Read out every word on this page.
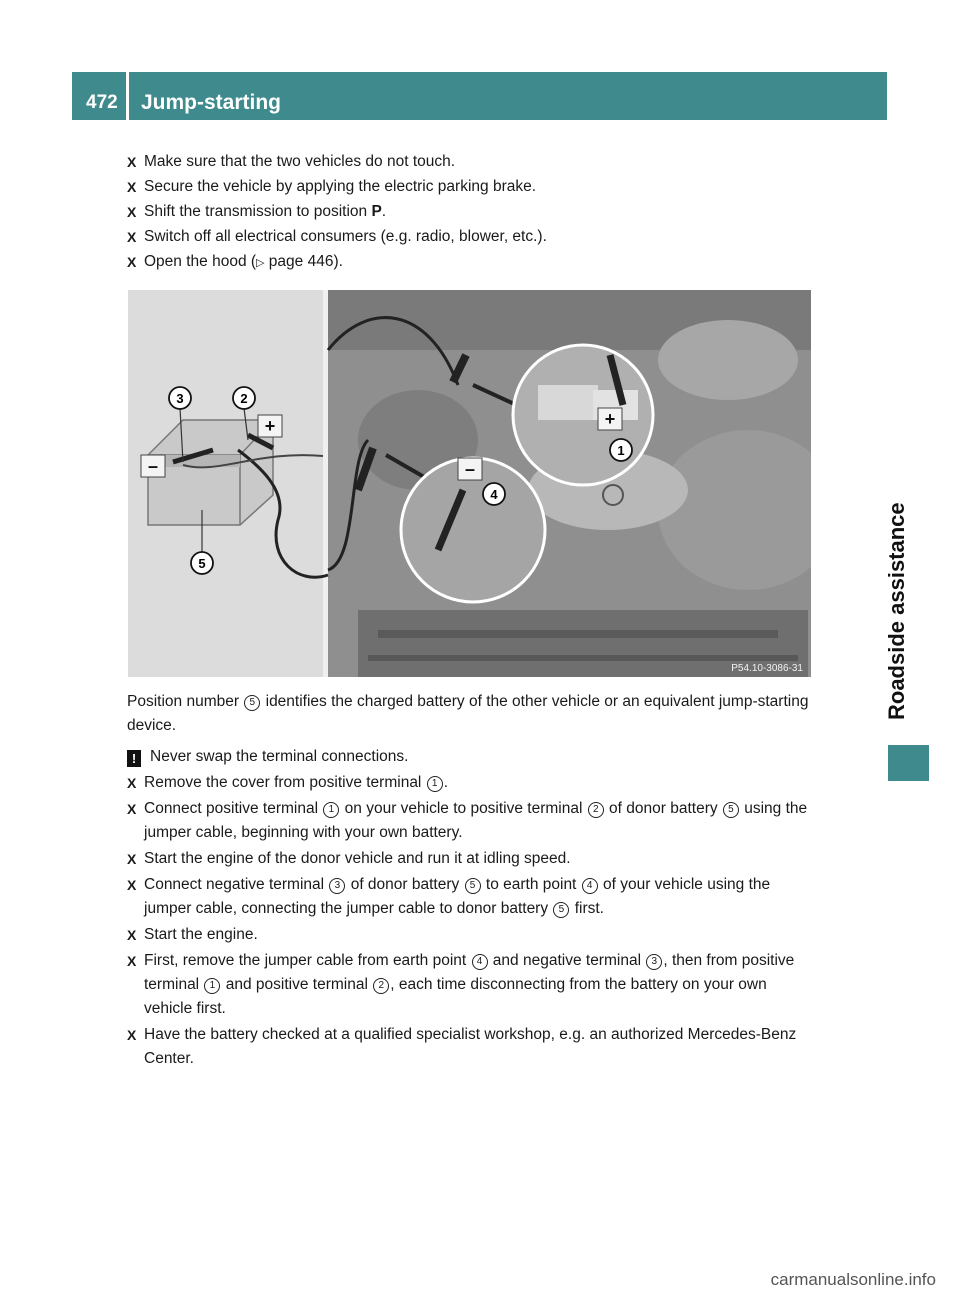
472	Jump-starting
Roadside assistance
X Make sure that the two vehicles do not touch.
X Secure the vehicle by applying the electric parking brake.
X Shift the transmission to position P.
X Switch off all electrical consumers (e.g. radio, blower, etc.).
X Open the hood (▷ page 446).
+
–
+
–
3	2
5
1
4
P54.10-3086-31
Position number 5 identifies the charged battery of the other vehicle or an equivalent jump-starting device.
! Never swap the terminal connections.
X Remove the cover from positive terminal 1 .
X Connect positive terminal 1 on your vehicle to positive terminal 2 of donor battery 5 using the jumper cable, beginning with your own battery.
X Start the engine of the donor vehicle and run it at idling speed.
X Connect negative terminal 3 of donor battery 5 to earth point 4 of your vehicle using the jumper cable, connecting the jumper cable to donor battery 5 first.
X Start the engine.
X First, remove the jumper cable from earth point 4 and negative terminal 3 , then from positive terminal 1 and positive terminal 2 , each time disconnecting from the battery on your own vehicle first.
X Have the battery checked at a qualified specialist workshop, e.g. an authorized Mercedes-Benz Center.
carmanualsonline.info
